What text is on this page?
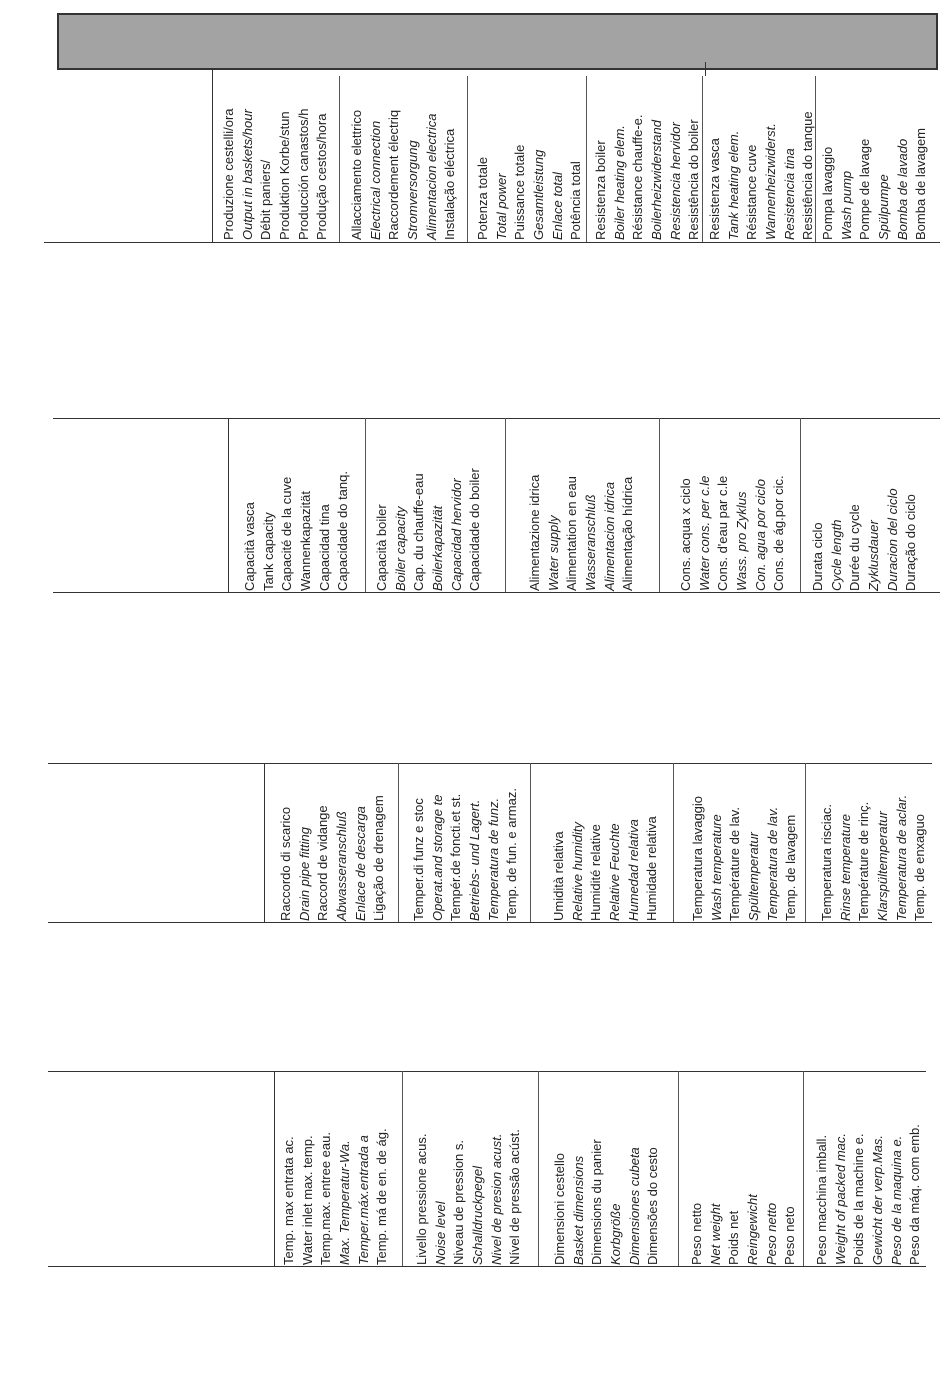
Produzione cestelli/ora Output in baskets/hour Débit paniers/ Produktion Korbe/stun Producción canastos/h Produção cestos/hora Allacciamento elettrico Electrical connection Raccordement électriq Stromversorgung Alimentacion electrica Instalação eléctrica Potenza totale Total power Puissance totale Gesamtleistung Enlace total Potência total Resistenza boiler Boiler heating elem. Résistance chauffe-e. Boilerheizwiderstand Resistencia hervidor Resistência do boiler Resistenza vasca Tank heating elem. Résistance cuve Wannenheizwiderst. Resistencia tina Resistência do tanque Pompa lavaggio Wash pump Pompe de lavage Spülpumpe Bomba de lavado Bomba de lavagem
Capacità vasca Tank capacity Capacité de la cuve Wannenkapazität Capacidad tina Capacidade do tanq. Capacità boiler Boiler capacity Cap. du chauffe-eau Boilerkapazität Capacidad hervidor Capacidade do boiler	Alimentazione idrica Water supply Alimentation en eau Wasseranschluß Alimentacion idrica Alimentação hídrica	Cons. acqua x ciclo Water cons. per c.le Cons. d'eau par c.le Wass. pro Zyklus Con. agua por ciclo Cons. de ág.por cic. Durata ciclo Cycle length Durée du cycle Zyklusdauer Duracion del ciclo Duração do ciclo
Raccordo di scarico Drain pipe fitting Raccord de vidange Abwasseranschluß Enlace de descarga Ligação de drenagem Temper.di funz e stoc Operat.and storage te Tempér.de foncti.et st. Betriebs- und Lagert. Temperatura de funz. Temp. de fun. e armaz. Umidità relativa Relative humidity Humidité relative Relative Feuchte Humedad relativa Humidade relativa Temperatura lavaggio Wash temperature Température de lav. Spültemperatur Temperatura de lav. Temp. de lavagem Temperatura risciac. Rinse temperature Température de rinç. Klarspültemperatur Temperatura de aclar. Temp. de enxaguo
Temp. max entrata ac. Water inlet max. temp. Temp.max. entree eau. Max. Temperatur-Wa. Temper.máx.entrada a Temp. má de en. de ág. Livello pressione acus. Noise level Niveau de pression s. Schalldruckpegel Nivel de presion acust. Nível de pressão acúst. Dimensioni cestello Basket dimensions Dimensions du panier Korbgröße Dimensiones cubeta Dimensões do cesto Peso netto Net weight Poids net Reingewicht Peso netto Peso neto Peso macchina imball. Weight of packed mac. Poids de la machine e. Gewicht der verp.Mas. Peso de la maquina e. Peso da máq. com emb.
